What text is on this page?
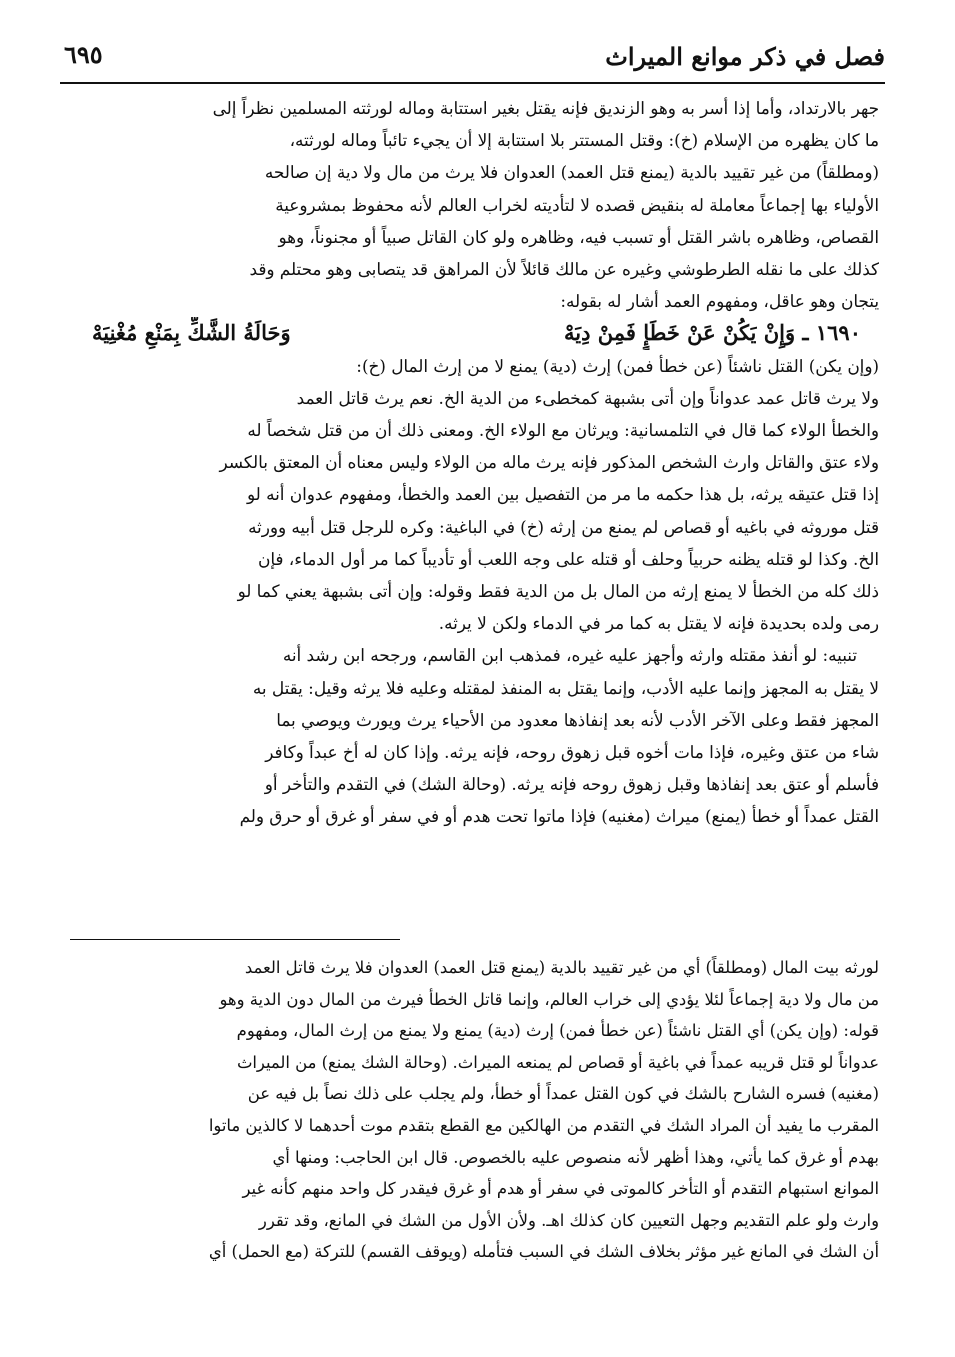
فصل في ذكر موانع الميراث
٦٩٥
جهر بالارتداد، وأما إذا أسر به وهو الزنديق فإنه يقتل بغير استتابة وماله لورثته المسلمين نظراً إلى
ما كان يظهره من الإسلام (خ): وقتل المستتر بلا استتابة إلا أن يجيء تائباً وماله لورثته،
(ومطلقاً) من غير تقييد بالدية (يمنع قتل العمد) العدوان فلا يرث من مال ولا دية إن صالحه
الأولياء بها إجماعاً معاملة له بنقيض قصده لا لتأديته لخراب العالم لأنه محفوظ بمشروعية
القصاص، وظاهره باشر القتل أو تسبب فيه، وظاهره ولو كان القاتل صبياً أو مجنوناً، وهو
كذلك على ما نقله الطرطوشي وغيره عن مالك قائلاً لأن المراهق قد يتصابى وهو محتلم وقد
يتجان وهو عاقل، ومفهوم العمد أشار له بقوله:
١٦٩٠ ـ وَإِنْ يَكُنْ عَنْ خَطَإٍ فَمِنْ دِيَهْ
وَحَالَةُ الشَّكِّ بِمَنْعِ مُغْنِيَهْ
(وإن يكن) القتل ناشئاً (عن خطأ فمن) إرث (دية) يمنع لا من إرث المال (خ):
ولا يرث قاتل عمد عدواناً وإن أتى بشبهة كمخطىء من الدية الخ. نعم يرث قاتل العمد
والخطأ الولاء كما قال في التلمسانية: ويرثان مع الولاء الخ. ومعنى ذلك أن من قتل شخصاً له
ولاء عتق والقاتل وارث الشخص المذكور فإنه يرث ماله من الولاء وليس معناه أن المعتق بالكسر
إذا قتل عتيقه يرثه، بل هذا حكمه ما مر من التفصيل بين العمد والخطأ، ومفهوم عدوان أنه لو
قتل موروثه في باغيه أو قصاص لم يمنع من إرثه (خ) في الباغية: وكره للرجل قتل أبيه وورثه
الخ. وكذا لو قتله يظنه حربياً وحلف أو قتله على وجه اللعب أو تأديباً كما مر أول الدماء، فإن
ذلك كله من الخطأ لا يمنع إرثه من المال بل من الدية فقط وقوله: وإن أتى بشبهة يعني كما لو
رمى ولده بحديدة فإنه لا يقتل به كما مر في الدماء ولكن لا يرثه.
تنبيه: لو أنفذ مقتله وارثه وأجهز عليه غيره، فمذهب ابن القاسم، ورجحه ابن رشد أنه
لا يقتل به المجهز وإنما عليه الأدب، وإنما يقتل به المنفذ لمقتله وعليه فلا يرثه وقيل: يقتل به
المجهز فقط وعلى الآخر الأدب لأنه بعد إنفاذها معدود من الأحياء يرث ويورث ويوصي بما
شاء من عتق وغيره، فإذا مات أخوه قبل زهوق روحه، فإنه يرثه. وإذا كان له أخ عبداً وكافر
فأسلم أو عتق بعد إنفاذها وقبل زهوق روحه فإنه يرثه. (وحالة الشك) في التقدم والتأخر أو
القتل عمداً أو خطأ (يمنع) ميراث (مغنيه) فإذا ماتوا تحت هدم أو في سفر أو غرق أو حرق ولم
لورثه بيت المال (ومطلقاً) أي من غير تقييد بالدية (يمنع قتل العمد) العدوان فلا يرث قاتل العمد
من مال ولا دية إجماعاً لئلا يؤدي إلى خراب العالم، وإنما قاتل الخطأ فيرث من المال دون الدية وهو
قوله: (وإن يكن) أي القتل ناشئاً (عن خطأ فمن) إرث (دية) يمنع ولا يمنع من إرث المال، ومفهوم
عدواناً لو قتل قريبه عمداً في باغية أو قصاص لم يمنعه الميراث. (وحالة الشك يمنع) من الميراث
(مغنيه) فسره الشارح بالشك في كون القتل عمداً أو خطأ، ولم يجلب على ذلك نصاً بل فيه عن
المقرب ما يفيد أن المراد الشك في التقدم من الهالكين مع القطع بتقدم موت أحدهما لا كالذين ماتوا
بهدم أو غرق كما يأتي، وهذا أظهر لأنه منصوص عليه بالخصوص. قال ابن الحاجب: ومنها أي
الموانع استبهام التقدم أو التأخر كالموتى في سفر أو هدم أو غرق فيقدر كل واحد منهم كأنه غير
وارث ولو علم التقديم وجهل التعيين كان كذلك اهـ. ولأن الأول من الشك في المانع، وقد تقرر
أن الشك في المانع غير مؤثر بخلاف الشك في السبب فتأمله (ويوقف القسم) للتركة (مع الحمل) أي
